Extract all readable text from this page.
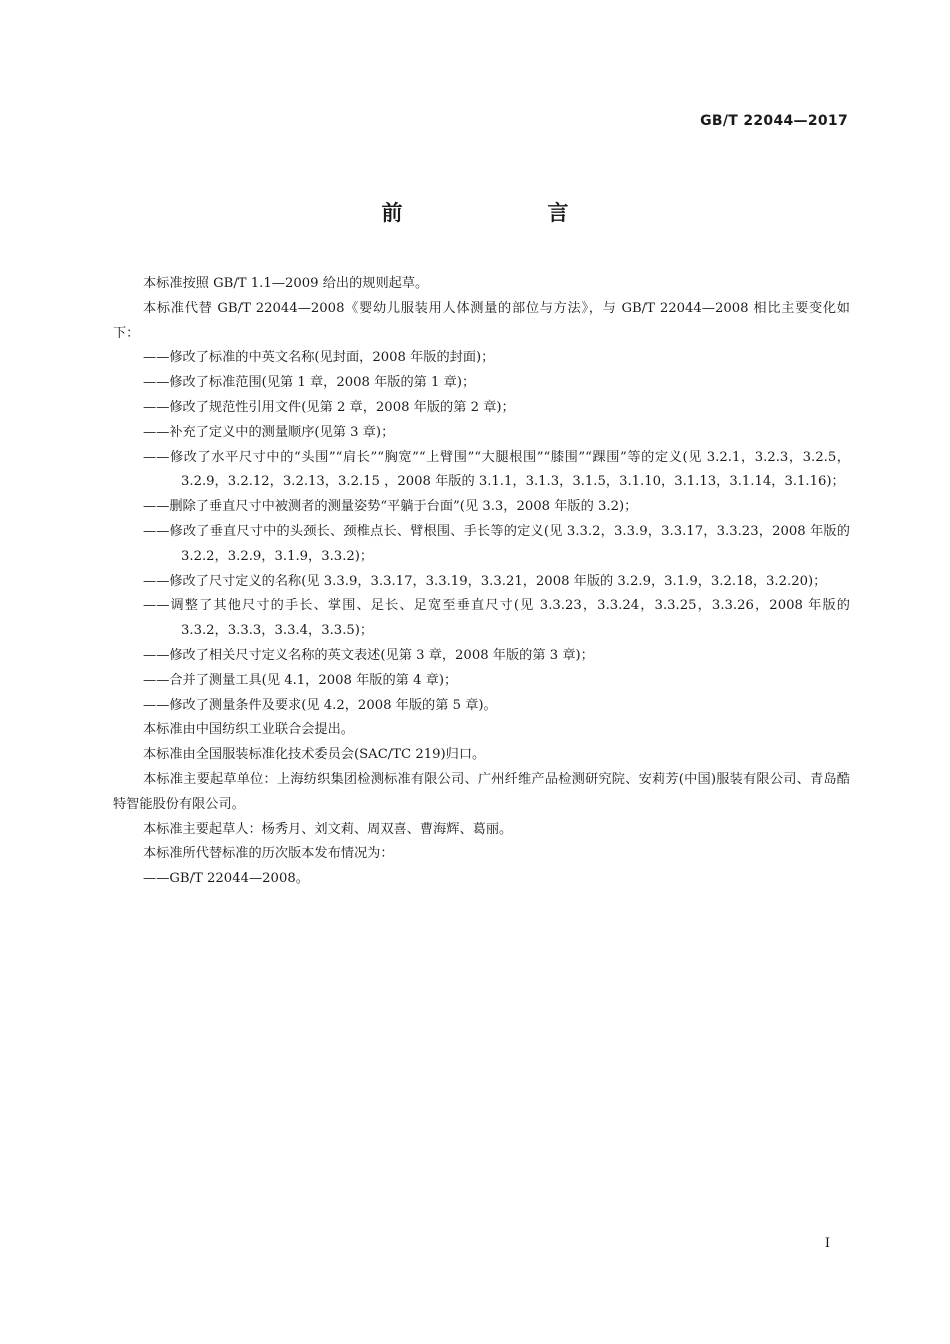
GB/T 22044—2017
前　言

本标准按照 GB/T 1.1—2009 给出的规则起草。

本标准代替 GB/T 22044—2008《婴幼儿服装用人体测量的部位与方法》，与 GB/T 22044—2008 相比主要变化如下：

——修改了标准的中英文名称(见封面，2008 年版的封面)；

——修改了标准范围(见第 1 章，2008 年版的第 1 章)；

——修改了规范性引用文件(见第 2 章，2008 年版的第 2 章)；

——补充了定义中的测量顺序(见第 3 章)；

——修改了水平尺寸中的“头围”“肩长”“胸宽”“上臂围”“大腿根围”“膝围”“踝围”等的定义(见 3.2.1，3.2.3，3.2.5，3.2.9，3.2.12，3.2.13，3.2.15 ，2008 年版的 3.1.1，3.1.3，3.1.5，3.1.10，3.1.13，3.1.14，3.1.16)；

——删除了垂直尺寸中被测者的测量姿势“平躺于台面”(见 3.3，2008 年版的 3.2)；

——修改了垂直尺寸中的头颈长、颈椎点长、臂根围、手长等的定义(见 3.3.2，3.3.9，3.3.17，3.3.23，2008 年版的 3.2.2，3.2.9，3.1.9，3.3.2)；

——修改了尺寸定义的名称(见 3.3.9，3.3.17，3.3.19，3.3.21，2008 年版的 3.2.9，3.1.9，3.2.18，3.2.20)；

——调整了其他尺寸的手长、掌围、足长、足宽至垂直尺寸(见 3.3.23，3.3.24，3.3.25，3.3.26，2008 年版的 3.3.2，3.3.3，3.3.4，3.3.5)；

——修改了相关尺寸定义名称的英文表述(见第 3 章，2008 年版的第 3 章)；

——合并了测量工具(见 4.1，2008 年版的第 4 章)；

——修改了测量条件及要求(见 4.2，2008 年版的第 5 章)。

本标准由中国纺织工业联合会提出。

本标准由全国服装标准化技术委员会(SAC/TC 219)归口。

本标准主要起草单位：上海纺织集团检测标准有限公司、广州纤维产品检测研究院、安莉芳(中国)服装有限公司、青岛酷特智能股份有限公司。

本标准主要起草人：杨秀月、刘文莉、周双喜、曹海辉、葛丽。

本标准所代替标准的历次版本发布情况为：

——GB/T 22044—2008。

I
